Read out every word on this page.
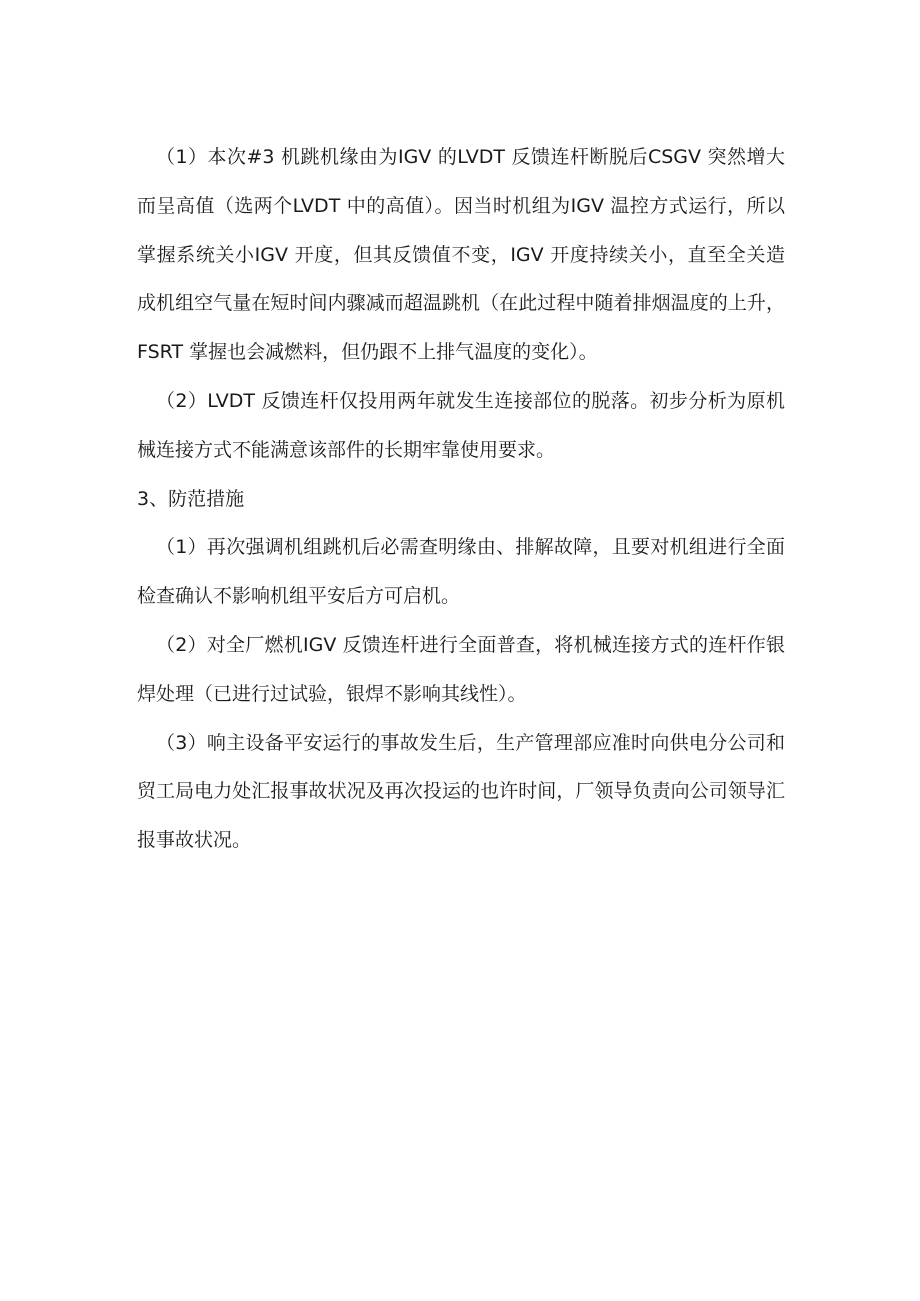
（1）本次#3 机跳机缘由为IGV 的LVDT 反馈连杆断脱后CSGV 突然增大而呈高值（选两个LVDT 中的高值）。因当时机组为IGV 温控方式运行，所以掌握系统关小IGV 开度，但其反馈值不变，IGV 开度持续关小，直至全关造成机组空气量在短时间内骤减而超温跳机（在此过程中随着排烟温度的上升，FSRT 掌握也会减燃料，但仍跟不上排气温度的变化）。

（2）LVDT 反馈连杆仅投用两年就发生连接部位的脱落。初步分析为原机械连接方式不能满意该部件的长期牢靠使用要求。

3、防范措施

（1）再次强调机组跳机后必需查明缘由、排解故障，且要对机组进行全面检查确认不影响机组平安后方可启机。

（2）对全厂燃机IGV 反馈连杆进行全面普查，将机械连接方式的连杆作银焊处理（已进行过试验，银焊不影响其线性）。

（3）响主设备平安运行的事故发生后，生产管理部应准时向供电分公司和贸工局电力处汇报事故状况及再次投运的也许时间，厂领导负责向公司领导汇报事故状况。
